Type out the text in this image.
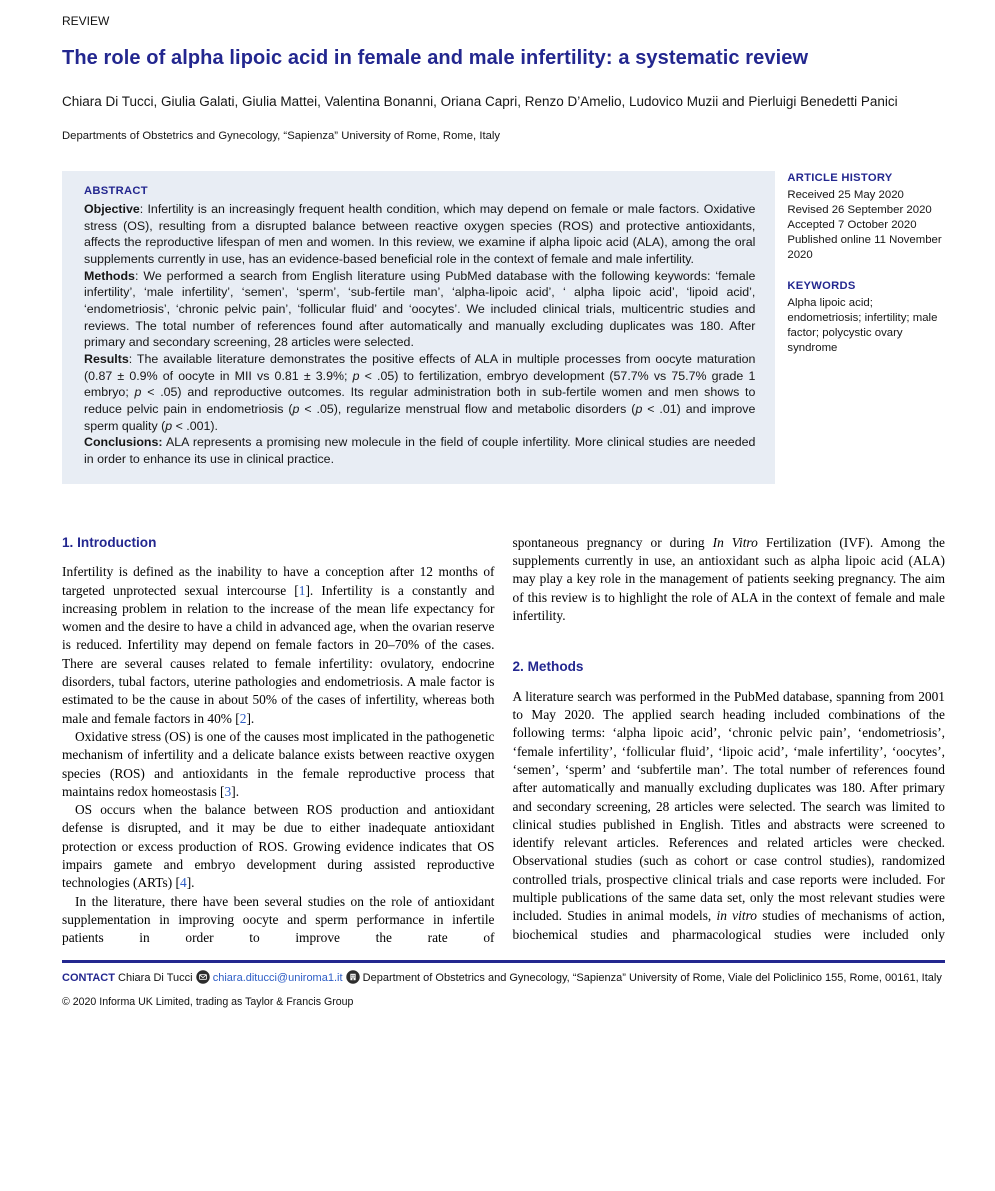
REVIEW
The role of alpha lipoic acid in female and male infertility: a systematic review
Chiara Di Tucci, Giulia Galati, Giulia Mattei, Valentina Bonanni, Oriana Capri, Renzo D’Amelio, Ludovico Muzii and Pierluigi Benedetti Panici
Departments of Obstetrics and Gynecology, “Sapienza” University of Rome, Rome, Italy
ABSTRACT

Objective: Infertility is an increasingly frequent health condition, which may depend on female or male factors. Oxidative stress (OS), resulting from a disrupted balance between reactive oxygen species (ROS) and protective antioxidants, affects the reproductive lifespan of men and women. In this review, we examine if alpha lipoic acid (ALA), among the oral supplements currently in use, has an evidence-based beneficial role in the context of female and male infertility.

Methods: We performed a search from English literature using PubMed database with the following keywords: ‘female infertility’, ‘male infertility’, ‘semen’, ‘sperm’, ‘sub-fertile man’, ‘alpha-lipoic acid’, ‘ alpha lipoic acid’, ‘lipoid acid’, ‘endometriosis’, ‘chronic pelvic pain’, ‘follicular fluid’ and ‘oocytes’. We included clinical trials, multicentric studies and reviews. The total number of references found after automatically and manually excluding duplicates was 180. After primary and secondary screening, 28 articles were selected.

Results: The available literature demonstrates the positive effects of ALA in multiple processes from oocyte maturation (0.87 ± 0.9% of oocyte in MII vs 0.81 ± 3.9%; p < .05) to fertilization, embryo development (57.7% vs 75.7% grade 1 embryo; p < .05) and reproductive outcomes. Its regular administration both in sub-fertile women and men shows to reduce pelvic pain in endometriosis (p < .05), regularize menstrual flow and metabolic disorders (p < .01) and improve sperm quality (p < .001).

Conclusions: ALA represents a promising new molecule in the field of couple infertility. More clinical studies are needed in order to enhance its use in clinical practice.

ARTICLE HISTORY
Received 25 May 2020
Revised 26 September 2020
Accepted 7 October 2020
Published online 11 November 2020
KEYWORDS
Alpha lipoic acid; endometriosis; infertility; male factor; polycystic ovary syndrome
1. Introduction

Infertility is defined as the inability to have a conception after 12 months of targeted unprotected sexual intercourse [1]. Infertility is a constantly and increasing problem in relation to the increase of the mean life expectancy for women and the desire to have a child in advanced age, when the ovarian reserve is reduced. Infertility may depend on female factors in 20–70% of the cases. There are several causes related to female infertility: ovulatory, endocrine disorders, tubal factors, uterine pathologies and endometriosis. A male factor is estimated to be the cause in about 50% of the cases of infertility, whereas both male and female factors in 40% [2].

Oxidative stress (OS) is one of the causes most implicated in the pathogenetic mechanism of infertility and a delicate balance exists between reactive oxygen species (ROS) and antioxidants in the female reproductive process that maintains redox homeostasis [3].

OS occurs when the balance between ROS production and antioxidant defense is disrupted, and it may be due to either inadequate antioxidant protection or excess production of ROS. Growing evidence indicates that OS impairs gamete and embryo development during assisted reproductive technologies (ARTs) [4].

In the literature, there have been several studies on the role of antioxidant supplementation in improving oocyte and sperm performance in infertile patients in order to improve the rate of

spontaneous pregnancy or during In Vitro Fertilization (IVF). Among the supplements currently in use, an antioxidant such as alpha lipoic acid (ALA) may play a key role in the management of patients seeking pregnancy. The aim of this review is to highlight the role of ALA in the context of female and male infertility.

2. Methods

A literature search was performed in the PubMed database, spanning from 2001 to May 2020. The applied search heading included combinations of the following terms: ‘alpha lipoic acid’, ‘chronic pelvic pain’, ‘endometriosis’, ‘female infertility’, ‘follicular fluid’, ‘lipoic acid’, ‘male infertility’, ‘oocytes’, ‘semen’, ‘sperm’ and ‘subfertile man’. The total number of references found after automatically and manually excluding duplicates was 180. After primary and secondary screening, 28 articles were selected. The search was limited to clinical studies published in English. Titles and abstracts were screened to identify relevant articles. References and related articles were checked. Observational studies (such as cohort or case control studies), randomized controlled trials, prospective clinical trials and case reports were included. For multiple publications of the same data set, only the most relevant studies were included. Studies in animal models, in vitro studies of mechanisms of action, biochemical studies and pharmacological studies were included only

CONTACT Chiara Di Tucci chiara.ditucci@uniroma1.it Department of Obstetrics and Gynecology, “Sapienza” University of Rome, Viale del Policlinico 155, Rome, 00161, Italy

© 2020 Informa UK Limited, trading as Taylor & Francis Group
